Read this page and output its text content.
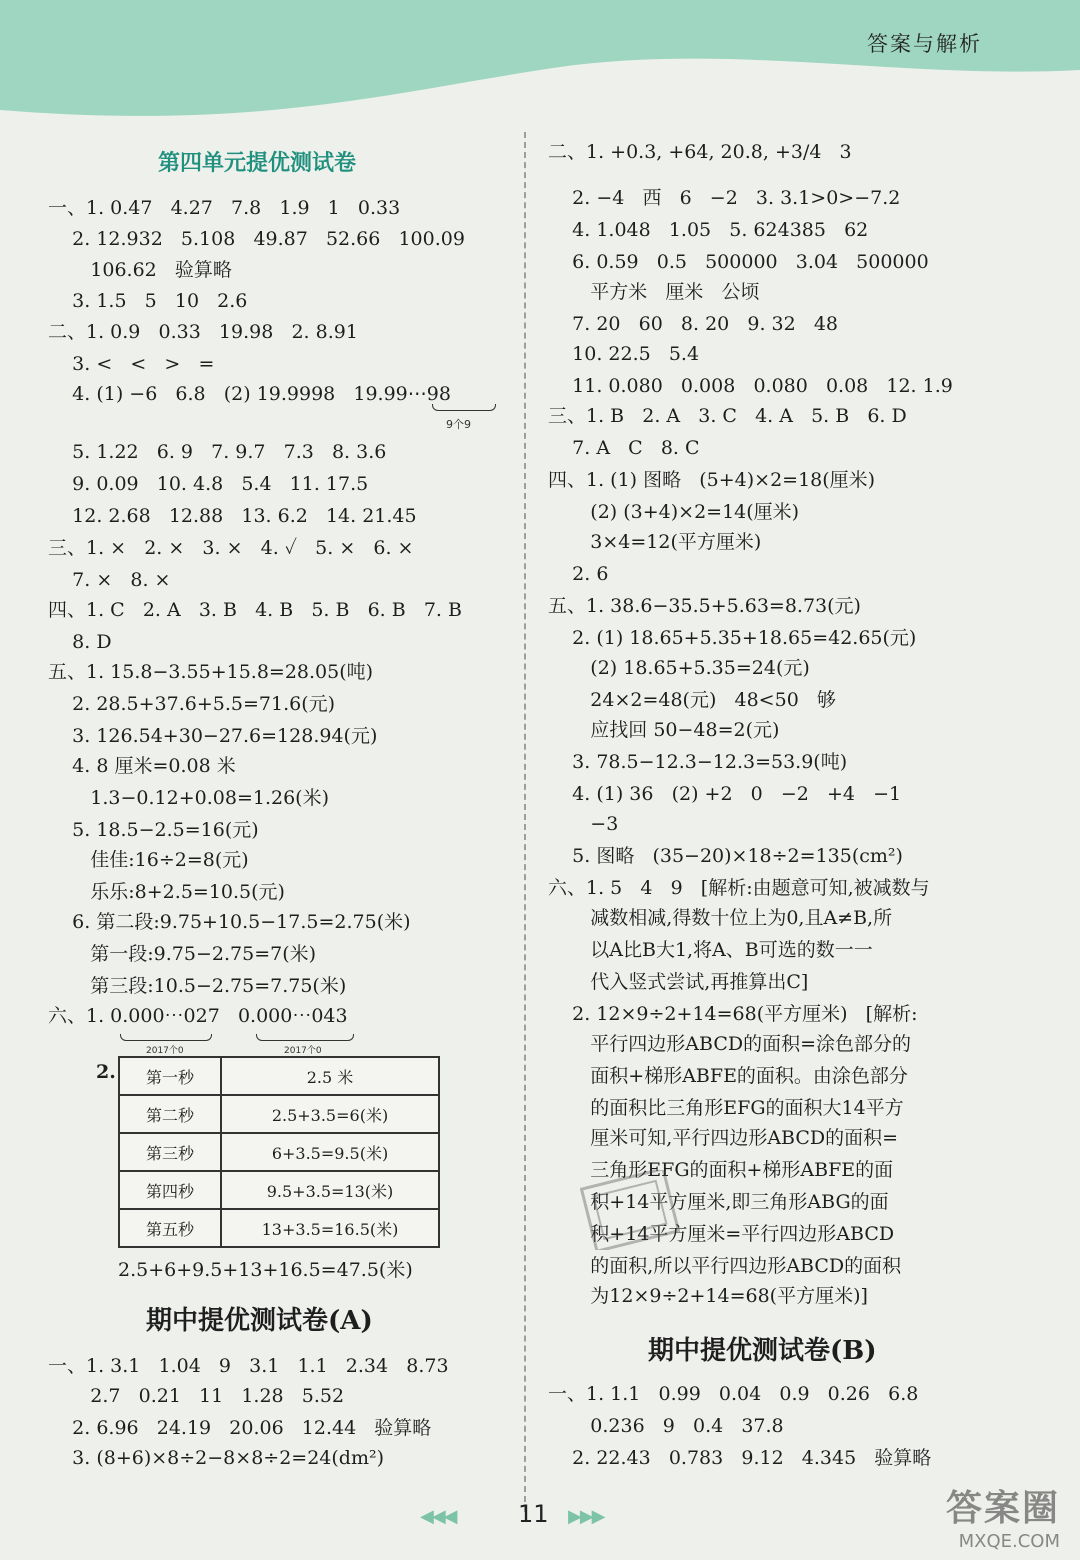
答案与解析
第四单元提优测试卷
一、1. 0.47   4.27   7.8   1.9   1   0.33
2. 12.932   5.108   49.87   52.66   100.09
106.62   验算略
3. 1.5   5   10   2.6
二、1. 0.9   0.33   19.98   2. 8.91
3. <   <   >   =
4. (1) −6   6.8   (2) 19.9998   19.99⋯98
5. 1.22   6. 9   7. 9.7   7.3   8. 3.6
9. 0.09   10. 4.8   5.4   11. 17.5
12. 2.68   12.88   13. 6.2   14. 21.45
三、1. ×   2. ×   3. ×   4. ✓   5. ×   6. ×
7. ×   8. ×
四、1. C   2. A   3. B   4. B   5. B   6. B   7. B
8. D
五、1. 15.8−3.55+15.8=28.05(吨)
2. 28.5+37.6+5.5=71.6(元)
3. 126.54+30−27.6=128.94(元)
4. 8 厘米=0.08 米
1.3−0.12+0.08=1.26(米)
5. 18.5−2.5=16(元)
佳佳:16÷2=8(元)
乐乐:8+2.5=10.5(元)
6. 第二段:9.75+10.5−17.5=2.75(米)
第一段:9.75−2.75=7(米)
第三段:10.5−2.75=7.75(米)
六、1. 0.000⋯027   0.000⋯043
9个9
2017个0	2017个0
2. 第一秒	2.5 米
第二秒	2.5+3.5=6(米)
第三秒	6+3.5=9.5(米)
第四秒	9.5+3.5=13(米)
第五秒	13+3.5=16.5(米)
2.5+6+9.5+13+16.5=47.5(米)
期中提优测试卷(A)
一、1. 3.1   1.04   9   3.1   1.1   2.34   8.73
2.7   0.21   11   1.28   5.52
2. 6.96   24.19   20.06   12.44   验算略
3. (8+6)×8÷2−8×8÷2=24(dm²)
二、1. +0.3, +64, 20.8, +3/4   3
2. −4   西   6   −2   3. 3.1>0>−7.2
4. 1.048   1.05   5. 624385   62
6. 0.59   0.5   500000   3.04   500000
平方米   厘米   公顷
7. 20   60   8. 20   9. 32   48
10. 22.5   5.4
11. 0.080   0.008   0.080   0.08   12. 1.9
三、1. B   2. A   3. C   4. A   5. B   6. D
7. A   C   8. C
四、1. (1) 图略   (5+4)×2=18(厘米)
(2) (3+4)×2=14(厘米)
3×4=12(平方厘米)
2. 6
五、1. 38.6−35.5+5.63=8.73(元)
2. (1) 18.65+5.35+18.65=42.65(元)
(2) 18.65+5.35=24(元)
24×2=48(元)   48<50   够
应找回 50−48=2(元)
3. 78.5−12.3−12.3=53.9(吨)
4. (1) 36   (2) +2   0   −2   +4   −1
−3
5. 图略   (35−20)×18÷2=135(cm²)
六、1. 5   4   9   [解析:由题意可知,被减数与
减数相减,得数十位上为0,且A≠B,所
以A比B大1,将A、B可选的数一一
代入竖式尝试,再推算出C]
2. 12×9÷2+14=68(平方厘米)   [解析:
平行四边形ABCD的面积=涂色部分的
面积+梯形ABFE的面积。由涂色部分
的面积比三角形EFG的面积大14平方
厘米可知,平行四边形ABCD的面积=
三角形EFG的面积+梯形ABFE的面
积+14平方厘米,即三角形ABG的面
积+14平方厘米=平行四边形ABCD
的面积,所以平行四边形ABCD的面积
为12×9÷2+14=68(平方厘米)]
期中提优测试卷(B)
一、1. 1.1   0.99   0.04   0.9   0.26   6.8
0.236   9   0.4   37.8
2. 22.43   0.783   9.12   4.345   验算略
◀◀◀	11 ▶▶▶	答案圈
MXQE.COM
